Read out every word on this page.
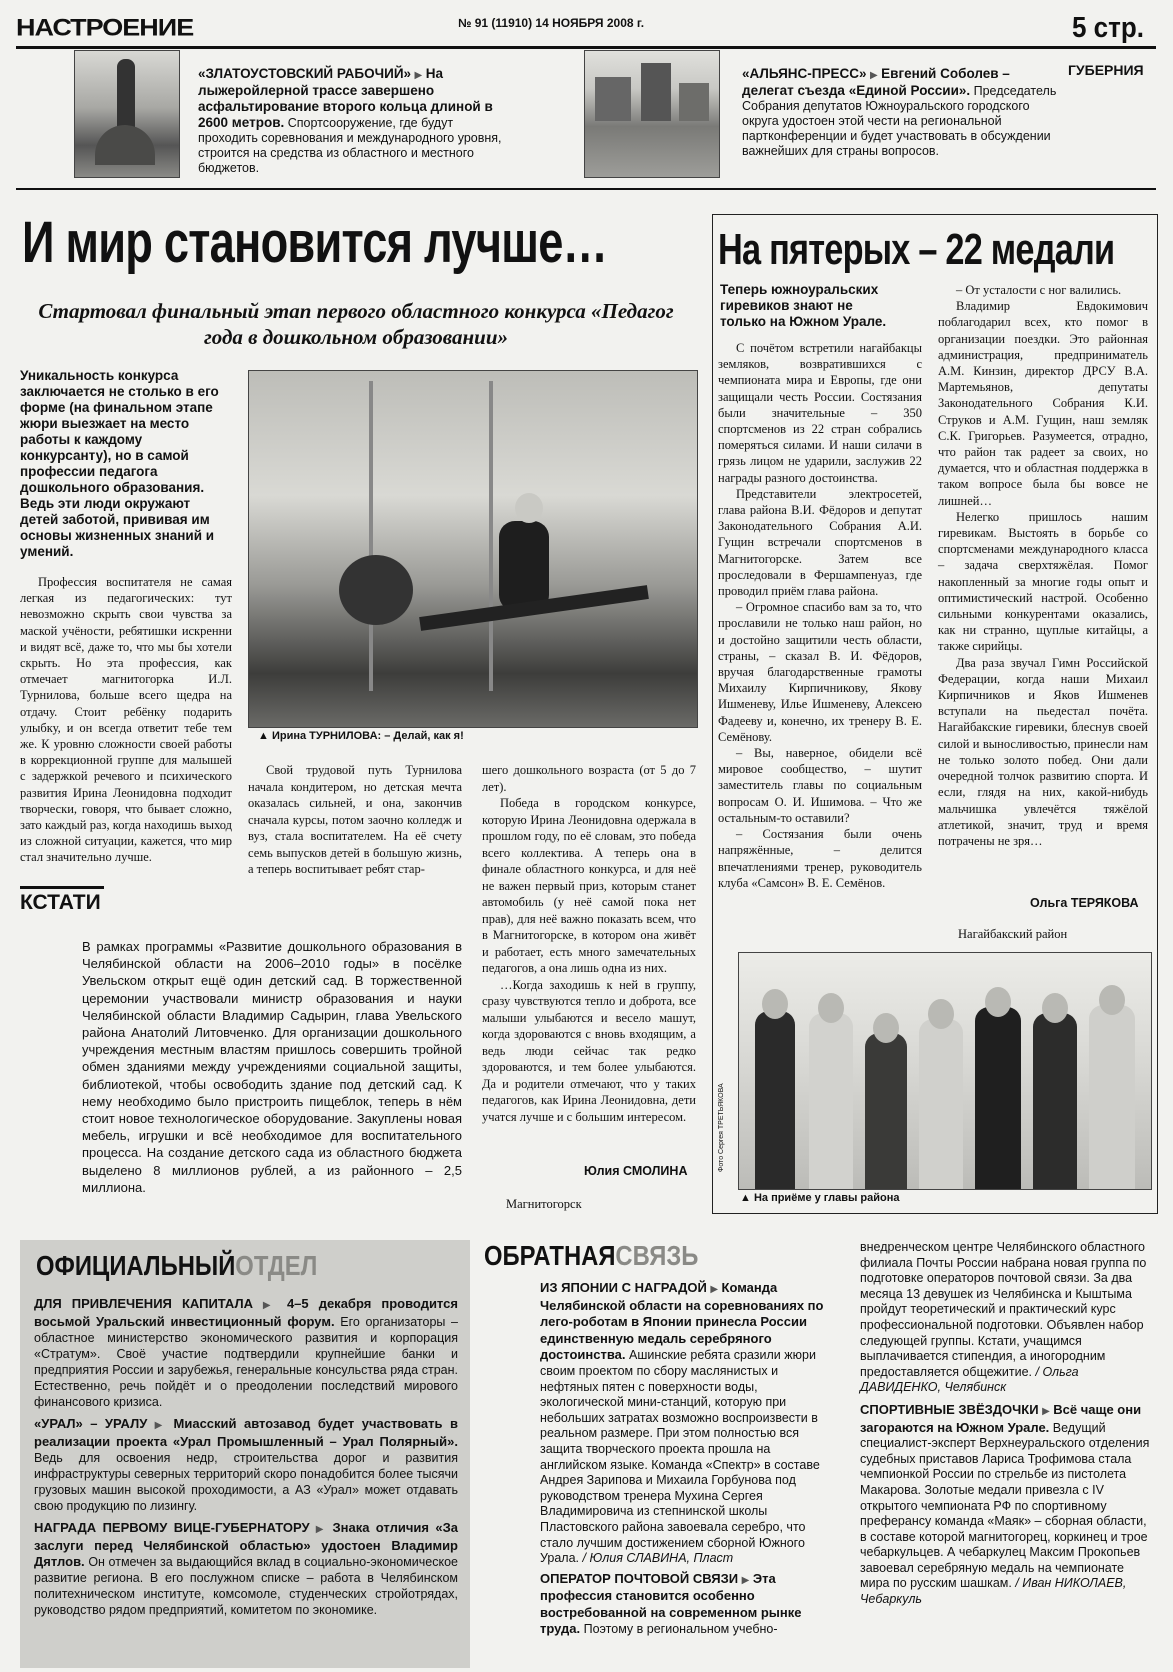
НАСТРОЕНИЕ	№ 91 (11910) 14 НОЯБРЯ 2008 г.	5 стр.
«ЗЛАТОУСТОВСКИЙ РАБОЧИЙ» ▶ На лыжеройлерной трассе завершено асфальтирование второго кольца длиной в 2600 метров. Спортсооружение, где будут проходить соревнования и международного уровня, строится на средства из областного и местного бюджетов.
«АЛЬЯНС-ПРЕСС» ▶ Евгений Соболев – делегат съезда «Единой России». Председатель Собрания депутатов Южноуральского городского округа удостоен этой чести на региональной партконференции и будет участвовать в обсуждении важнейших для страны вопросов.
ГУБЕРНИЯ
И мир становится лучше…
Стартовал финальный этап первого областного конкурса «Педагог года в дошкольном образовании»
Уникальность конкурса заключается не столько в его форме (на финальном этапе жюри выезжает на место работы к каждому конкурсанту), но в самой профессии педагога дошкольного образования. Ведь эти люди окружают детей заботой, прививая им основы жизненных знаний и умений.
▲ Ирина ТУРНИЛОВА: – Делай, как я!
Профессия воспитателя не самая легкая из педагогических: тут невозможно скрыть свои чувства за маской учёности, ребятишки искренни и видят всё, даже то, что мы бы хотели скрыть. Но эта профессия, как отмечает магнитогорка И.Л. Турнилова, больше всего щедра на отдачу. Стоит ребёнку подарить улыбку, и он всегда ответит тебе тем же. К уровню сложности своей работы в коррекционной группе для малышей с задержкой речевого и психического развития Ирина Леонидовна подходит творчески, говоря, что бывает сложно, зато каждый раз, когда находишь выход из сложной ситуации, кажется, что мир стал значительно лучше.
Свой трудовой путь Турнилова начала кондитером, но детская мечта оказалась сильней, и она, закончив сначала курсы, потом заочно колледж и вуз, стала воспитателем. На её счету семь выпусков детей в большую жизнь, а теперь воспитывает ребят стар-

шего дошкольного возраста (от 5 до 7 лет).

Победа в городском конкурсе, которую Ирина Леонидовна одержала в прошлом году, по её словам, это победа всего коллектива. А теперь она в финале областного конкурса, и для неё не важен первый приз, которым станет автомобиль (у неё самой пока нет прав), для неё важно показать всем, что в Магнитогорске, в котором она живёт и работает, есть много замечательных педагогов, а она лишь одна из них.

…Когда заходишь к ней в группу, сразу чувствуются тепло и доброта, все малыши улыбаются и весело машут, когда здороваются с вновь входящим, а ведь люди сейчас так редко здороваются, и тем более улыбаются. Да и родители отмечают, что у таких педагогов, как Ирина Леонидовна, дети учатся лучше и с большим интересом.

Юлия СМОЛИНА
Магнитогорск
КСТАТИ
В рамках программы «Развитие дошкольного образования в Челябинской области на 2006–2010 годы» в посёлке Увельском открыт ещё один детский сад. В торжественной церемонии участвовали министр образования и науки Челябинской области Владимир Садырин, глава Увельского района Анатолий Литовченко. Для организации дошкольного учреждения местным властям пришлось совершить тройной обмен зданиями между учреждениями социальной защиты, библиотекой, чтобы освободить здание под детский сад. К нему необходимо было пристроить пищеблок, теперь в нём стоит новое технологическое оборудование. Закуплены новая мебель, игрушки и всё необходимое для воспитательного процесса. На создание детского сада из областного бюджета выделено 8 миллионов рублей, а из районного – 2,5 миллиона.
На пятерых – 22 медали
Теперь южноуральских гиревиков знают не только на Южном Урале.

С почётом встретили нагайбакцы земляков, возвратившихся с чемпионата мира и Европы, где они защищали честь России. Состязания были значительные – 350 спортсменов из 22 стран собрались померяться силами. И наши силачи в грязь лицом не ударили, заслужив 22 награды разного достоинства.

Представители электросетей, глава района В.И. Фёдоров и депутат Законодательного Собрания А.И. Гущин встречали спортсменов в Магнитогорске. Затем все проследовали в Фершампенуаз, где проводил приём глава района.

– Огромное спасибо вам за то, что прославили не только наш район, но и достойно защитили честь области, страны, – сказал В. И. Фёдоров, вручая благодарственные грамоты Михаилу Кирпичникову, Якову Ишменеву, Илье Ишменеву, Алексею Фадееву и, конечно, их тренеру В. Е. Семёнову.

– Вы, наверное, обидели всё мировое сообщество, – шутит заместитель главы по социальным вопросам О. И. Ишимова. – Что же остальным-то оставили?

– Состязания были очень напряжённые, – делится впечатлениями тренер, руководитель клуба «Самсон» В. Е. Семёнов.

– От усталости с ног валились.

Владимир Евдокимович поблагодарил всех, кто помог в организации поездки. Это районная администрация, предприниматель А.М. Кинзин, директор ДРСУ В.А. Мартемьянов, депутаты Законодательного Собрания К.И. Струков и А.М. Гущин, наш земляк С.К. Григорьев. Разумеется, отрадно, что район так радеет за своих, но думается, что и областная поддержка в таком вопросе была бы вовсе не лишней…

Нелегко пришлось нашим гиревикам. Выстоять в борьбе со спортсменами международного класса – задача сверхтяжёлая. Помог накопленный за многие годы опыт и оптимистический настрой. Особенно сильными конкурентами оказались, как ни странно, щуплые китайцы, а также сирийцы.

Два раза звучал Гимн Российской Федерации, когда наши Михаил Кирпичников и Яков Ишменев вступали на пьедестал почёта. Нагайбакские гиревики, блеснув своей силой и выносливостью, принесли нам не только золото побед. Они дали очередной толчок развитию спорта. И если, глядя на них, какой-нибудь мальчишка увлечётся тяжёлой атлетикой, значит, труд и время потрачены не зря…

Ольга ТЕРЯКОВА
Нагайбакский район
Фото Сергея ТРЕТЬЯКОВА
▲ На приёме у главы района
ОФИЦИАЛЬНЫЙОТДЕЛ

ДЛЯ ПРИВЛЕЧЕНИЯ КАПИТАЛА ▶ 4–5 декабря проводится восьмой Уральский инвестиционный форум. Его организаторы – областное министерство экономического развития и корпорация «Стратум». Своё участие подтвердили крупнейшие банки и предприятия России и зарубежья, генеральные консульства ряда стран. Естественно, речь пойдёт и о преодолении последствий мирового финансового кризиса.

«УРАЛ» – УРАЛУ ▶ Миасский автозавод будет участвовать в реализации проекта «Урал Промышленный – Урал Полярный». Ведь для освоения недр, строительства дорог и развития инфраструктуры северных территорий скоро понадобится более тысячи грузовых машин высокой проходимости, а АЗ «Урал» может отдавать свою продукцию по лизингу.

НАГРАДА ПЕРВОМУ ВИЦЕ-ГУБЕРНАТОРУ ▶ Знака отличия «За заслуги перед Челябинской областью» удостоен Владимир Дятлов. Он отмечен за выдающийся вклад в социально-экономическое развитие региона. В его послужном списке – работа в Челябинском политехническом институте, комсомоле, студенческих стройотрядах, руководство рядом предприятий, комитетом по экономике.

ОБРАТНАЯСВЯЗЬ

ИЗ ЯПОНИИ С НАГРАДОЙ ▶ Команда Челябинской области на соревнованиях по лего-роботам в Японии принесла России единственную медаль серебряного достоинства. Ашинские ребята сразили жюри своим проектом по сбору маслянистых и нефтяных пятен с поверхности воды, экологической мини-станций, которую при небольших затратах возможно воспроизвести в реальном размере. При этом полностью вся защита творческого проекта прошла на английском языке. Команда «Спектр» в составе Андрея Зарипова и Михаила Горбунова под руководством тренера Мухина Сергея Владимировича из степнинской школы Пластовского района завоевала серебро, что стало лучшим достижением сборной Южного Урала. / Юлия СЛАВИНА, Пласт

ОПЕРАТОР ПОЧТОВОЙ СВЯЗИ ▶ Эта профессия становится особенно востребованной на современном рынке труда. Поэтому в региональном учебно-

внедренческом центре Челябинского областного филиала Почты России набрана новая группа по подготовке операторов почтовой связи. За два месяца 13 девушек из Челябинска и Кыштыма пройдут теоретический и практический курс профессиональной подготовки. Объявлен набор следующей группы. Кстати, учащимся выплачивается стипендия, а иногородним предоставляется общежитие. / Ольга ДАВИДЕНКО, Челябинск

СПОРТИВНЫЕ ЗВЁЗДОЧКИ ▶ Всё чаще они загораются на Южном Урале. Ведущий специалист-эксперт Верхнеуральского отделения судебных приставов Лариса Трофимова стала чемпионкой России по стрельбе из пистолета Макарова. Золотые медали привезла с IV открытого чемпионата РФ по спортивному преферансу команда «Маяк» – сборная области, в составе которой магнитогорец, коркинец и трое чебаркульцев. А чебаркулец Максим Прокопьев завоевал серебряную медаль на чемпионате мира по русским шашкам. / Иван НИКОЛАЕВ, Чебаркуль
